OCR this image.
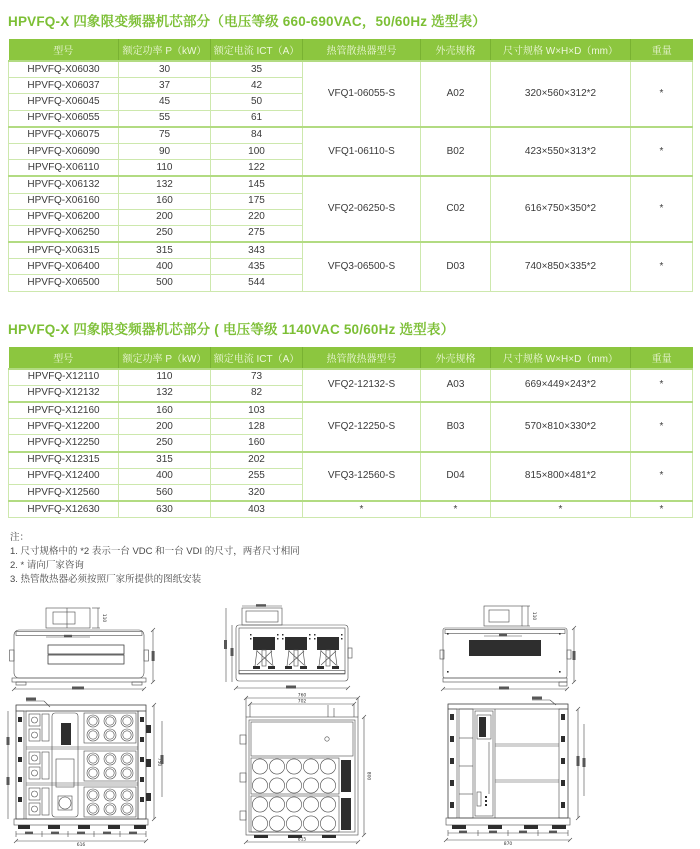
HPVFQ-X 四象限变频器机芯部分（电压等级 660-690VAC，50/60Hz 选型表）
型号	额定功率 P（kW）	额定电流 ICT（A）	热管散热器型号	外壳规格	尺寸规格 W×H×D（mm）	重量
HPVFQ-X06030	30	35	VFQ1-06055-S	A02	320×560×312*2	*
HPVFQ-X06037	37	42				
HPVFQ-X06045	45	50				
HPVFQ-X06055	55	61				
HPVFQ-X06075	75	84	VFQ1-06110-S	B02	423×550×313*2	*
HPVFQ-X06090	90	100				
HPVFQ-X06110	110	122				
HPVFQ-X06132	132	145	VFQ2-06250-S	C02	616×750×350*2	*
HPVFQ-X06160	160	175				
HPVFQ-X06200	200	220				
HPVFQ-X06250	250	275				
HPVFQ-X06315	315	343	VFQ3-06500-S	D03	740×850×335*2	*
HPVFQ-X06400	400	435				
HPVFQ-X06500	500	544				
HPVFQ-X 四象限变频器机芯部分 ( 电压等级 1140VAC 50/60Hz 选型表）
型号	额定功率 P（kW）	额定电流 ICT（A）	热管散热器型号	外壳规格	尺寸规格 W×H×D（mm）	重量
HPVFQ-X12110	110	73	VFQ2-12132-S	A03	669×449×243*2	*
HPVFQ-X12132	132	82				
HPVFQ-X12160	160	103	VFQ2-12250-S	B03	570×810×330*2	*
HPVFQ-X12200	200	128				
HPVFQ-X12250	250	160				
HPVFQ-X12315	315	202	VFQ3-12560-S	D04	815×800×481*2	*
HPVFQ-X12400	400	255				
HPVFQ-X12560	560	320				
HPVFQ-X12630	630	403	*	*	*	*
注：
1. 尺寸规格中的 *2 表示一台 VDC 和一台 VDI 的尺寸，两者尺寸相同
2. * 请向厂家咨询
3. 热管散热器必须按照厂家所提供的图纸安装
110	110
616
750
760
702
800
815
870
